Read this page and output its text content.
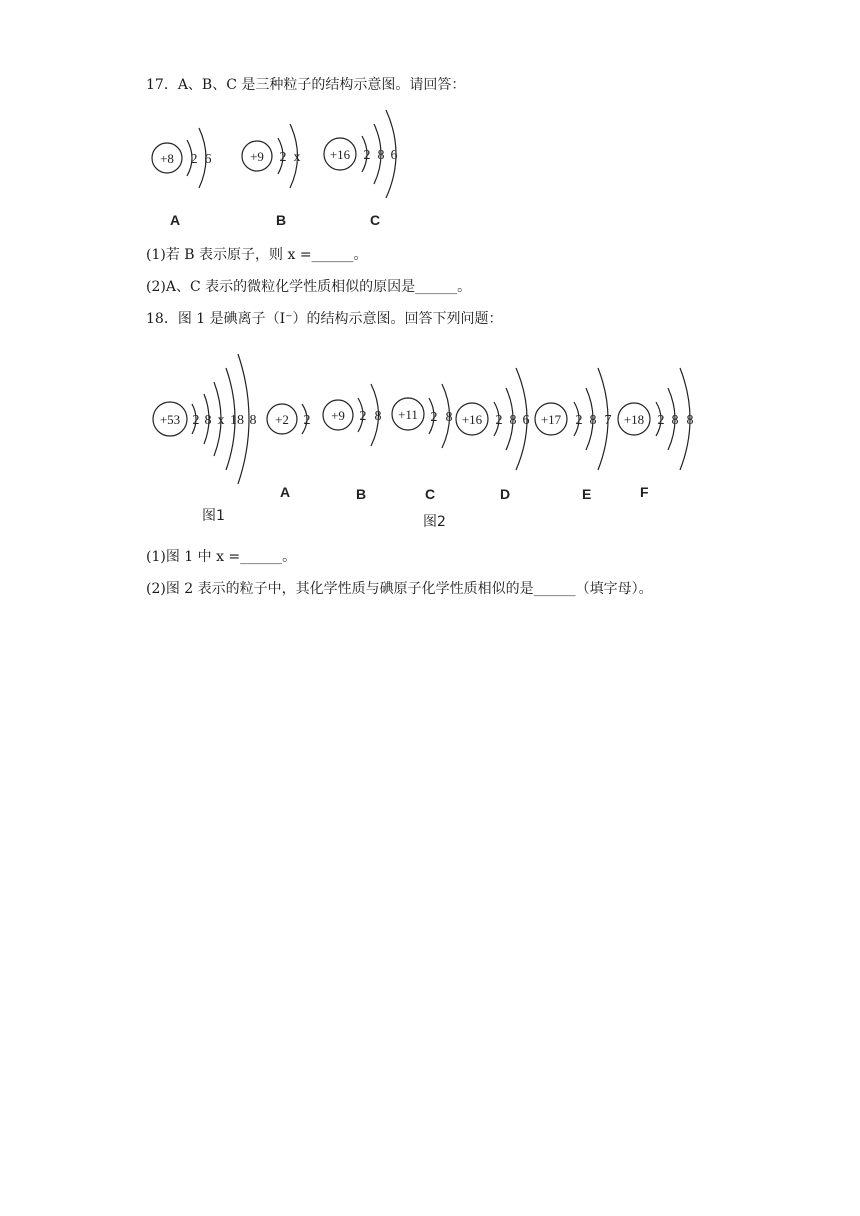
17．A、B、C 是三种粒子的结构示意图。请回答：
+8 2 6
A
+9 2 x
B
+16 2 8 6
C
(1)若 B 表示原子，则 x =______。
(2)A、C 表示的微粒化学性质相似的原因是______。
18．图 1 是碘离子（I⁻）的结构示意图。回答下列问题：
+53 2 8 x 18 8
图1
+2 2
A
+9 2 8
B
+11 2 8
C
+16 2 8 6
D
+17 2 8 7
E
+18 2 8 8
F
图2
(1)图 1 中 x =______。
(2)图 2 表示的粒子中，其化学性质与碘原子化学性质相似的是______（填字母）。
